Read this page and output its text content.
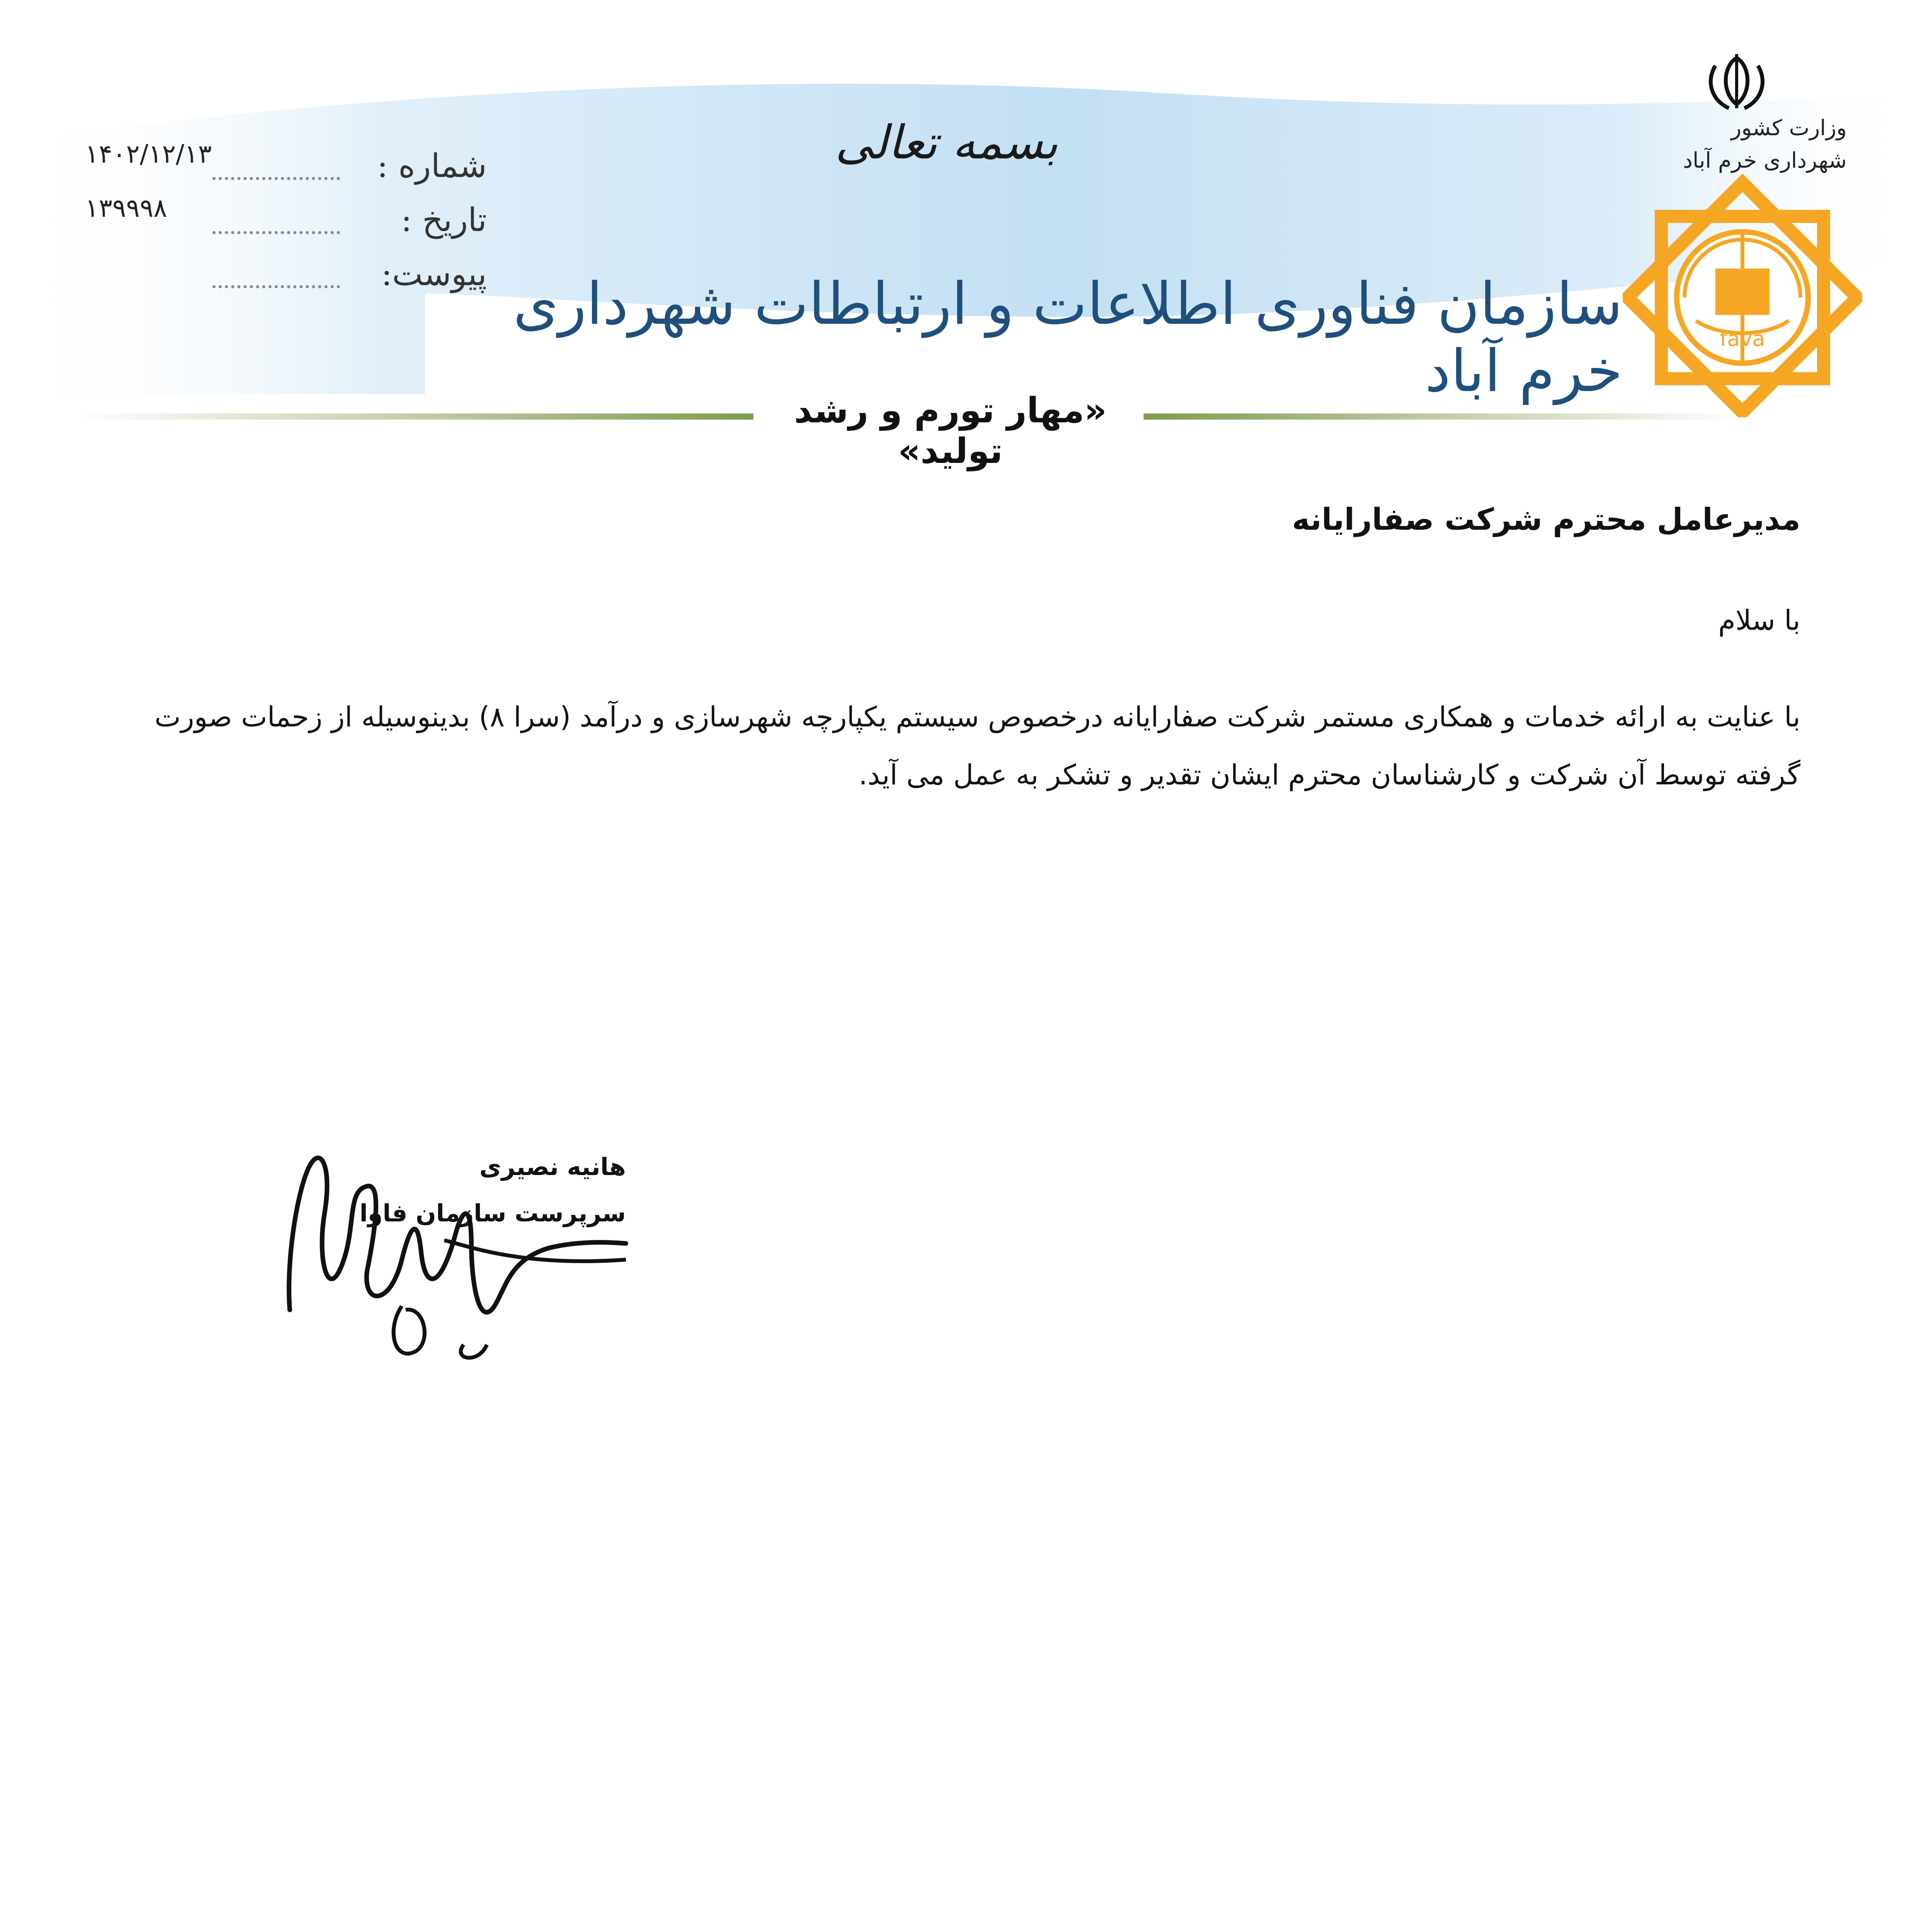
بسمه تعالی	وزارت کشور
شهرداری خرم آباد
fava
شماره :
۱۴۰۲/۱۲/۱۳
تاریخ :
۱۳۹۹۹۸
پیوست: سازمان فناوری اطلاعات و ارتباطات شهرداری خرم آباد
«مهار تورم و رشد تولید»
مدیرعامل محترم شرکت صفارایانه
با سلام
با عنایت به ارائه خدمات و همکاری مستمر شرکت صفارایانه درخصوص سیستم یکپارچه شهرسازی و درآمد (سرا ۸) بدینوسیله از زحمات صورت گرفته توسط آن شرکت و کارشناسان محترم ایشان تقدیر و تشکر به عمل می آید.
هانیه نصیری
سرپرست سازمان فاوا
